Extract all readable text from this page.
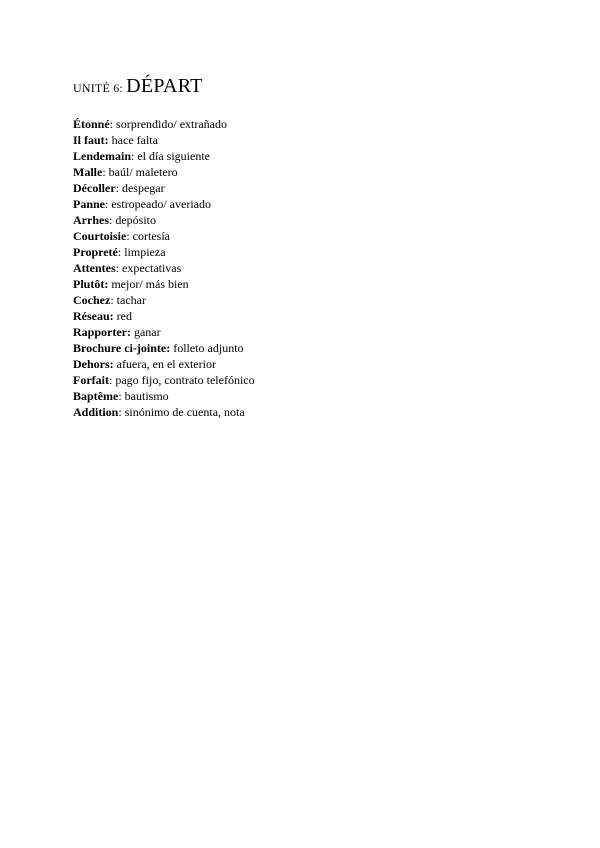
UNITÉ 6: DÉPART
Étonné: sorprendido/ extrañado
Il faut: hace falta
Lendemain: el día siguiente
Malle: baúl/ maletero
Décoller: despegar
Panne: estropeado/ averiado
Arrhes: depósito
Courtoisie: cortesía
Propreté: limpieza
Attentes: expectativas
Plutôt: mejor/ más bien
Cochez: tachar
Réseau: red
Rapporter: ganar
Brochure ci-jointe: folleto adjunto
Dehors: afuera, en el exterior
Forfait: pago fijo, contrato telefónico
Baptême: bautismo
Addition: sinónimo de cuenta, nota
